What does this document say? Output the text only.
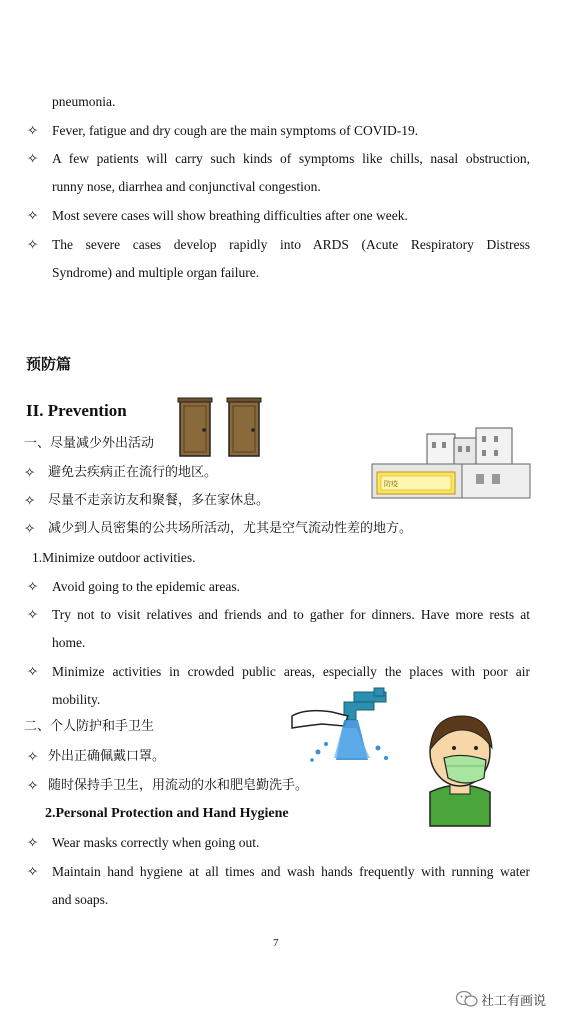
pneumonia.
✧ Fever, fatigue and dry cough are the main symptoms of COVID-19.
✧ A few patients will carry such kinds of symptoms like chills, nasal obstruction,
runny nose, diarrhea and conjunctival congestion.
✧ Most severe cases will show breathing difficulties after one week.
✧ The severe cases develop rapidly into ARDS (Acute Respiratory Distress
Syndrome) and multiple organ failure.
预防篇
II. Prevention
防疫
一、尽量减少外出活动
✧ 避免去疾病正在流行的地区。
✧ 尽量不走亲访友和聚餐，多在家休息。
✧ 减少到人员密集的公共场所活动，尤其是空气流动性差的地方。
1.Minimize outdoor activities.
✧ Avoid going to the epidemic areas.
✧ Try not to visit relatives and friends and to gather for dinners. Have more rests at
home.
✧ Minimize activities in crowded public areas, especially the places with poor air
mobility.
二、个人防护和手卫生
✧ 外出正确佩戴口罩。
✧ 随时保持手卫生，用流动的水和肥皂勤洗手。
2.Personal Protection and Hand Hygiene
✧ Wear masks correctly when going out.
✧ Maintain hand hygiene at all times and wash hands frequently with running water
and soaps.
7
社工有画说
